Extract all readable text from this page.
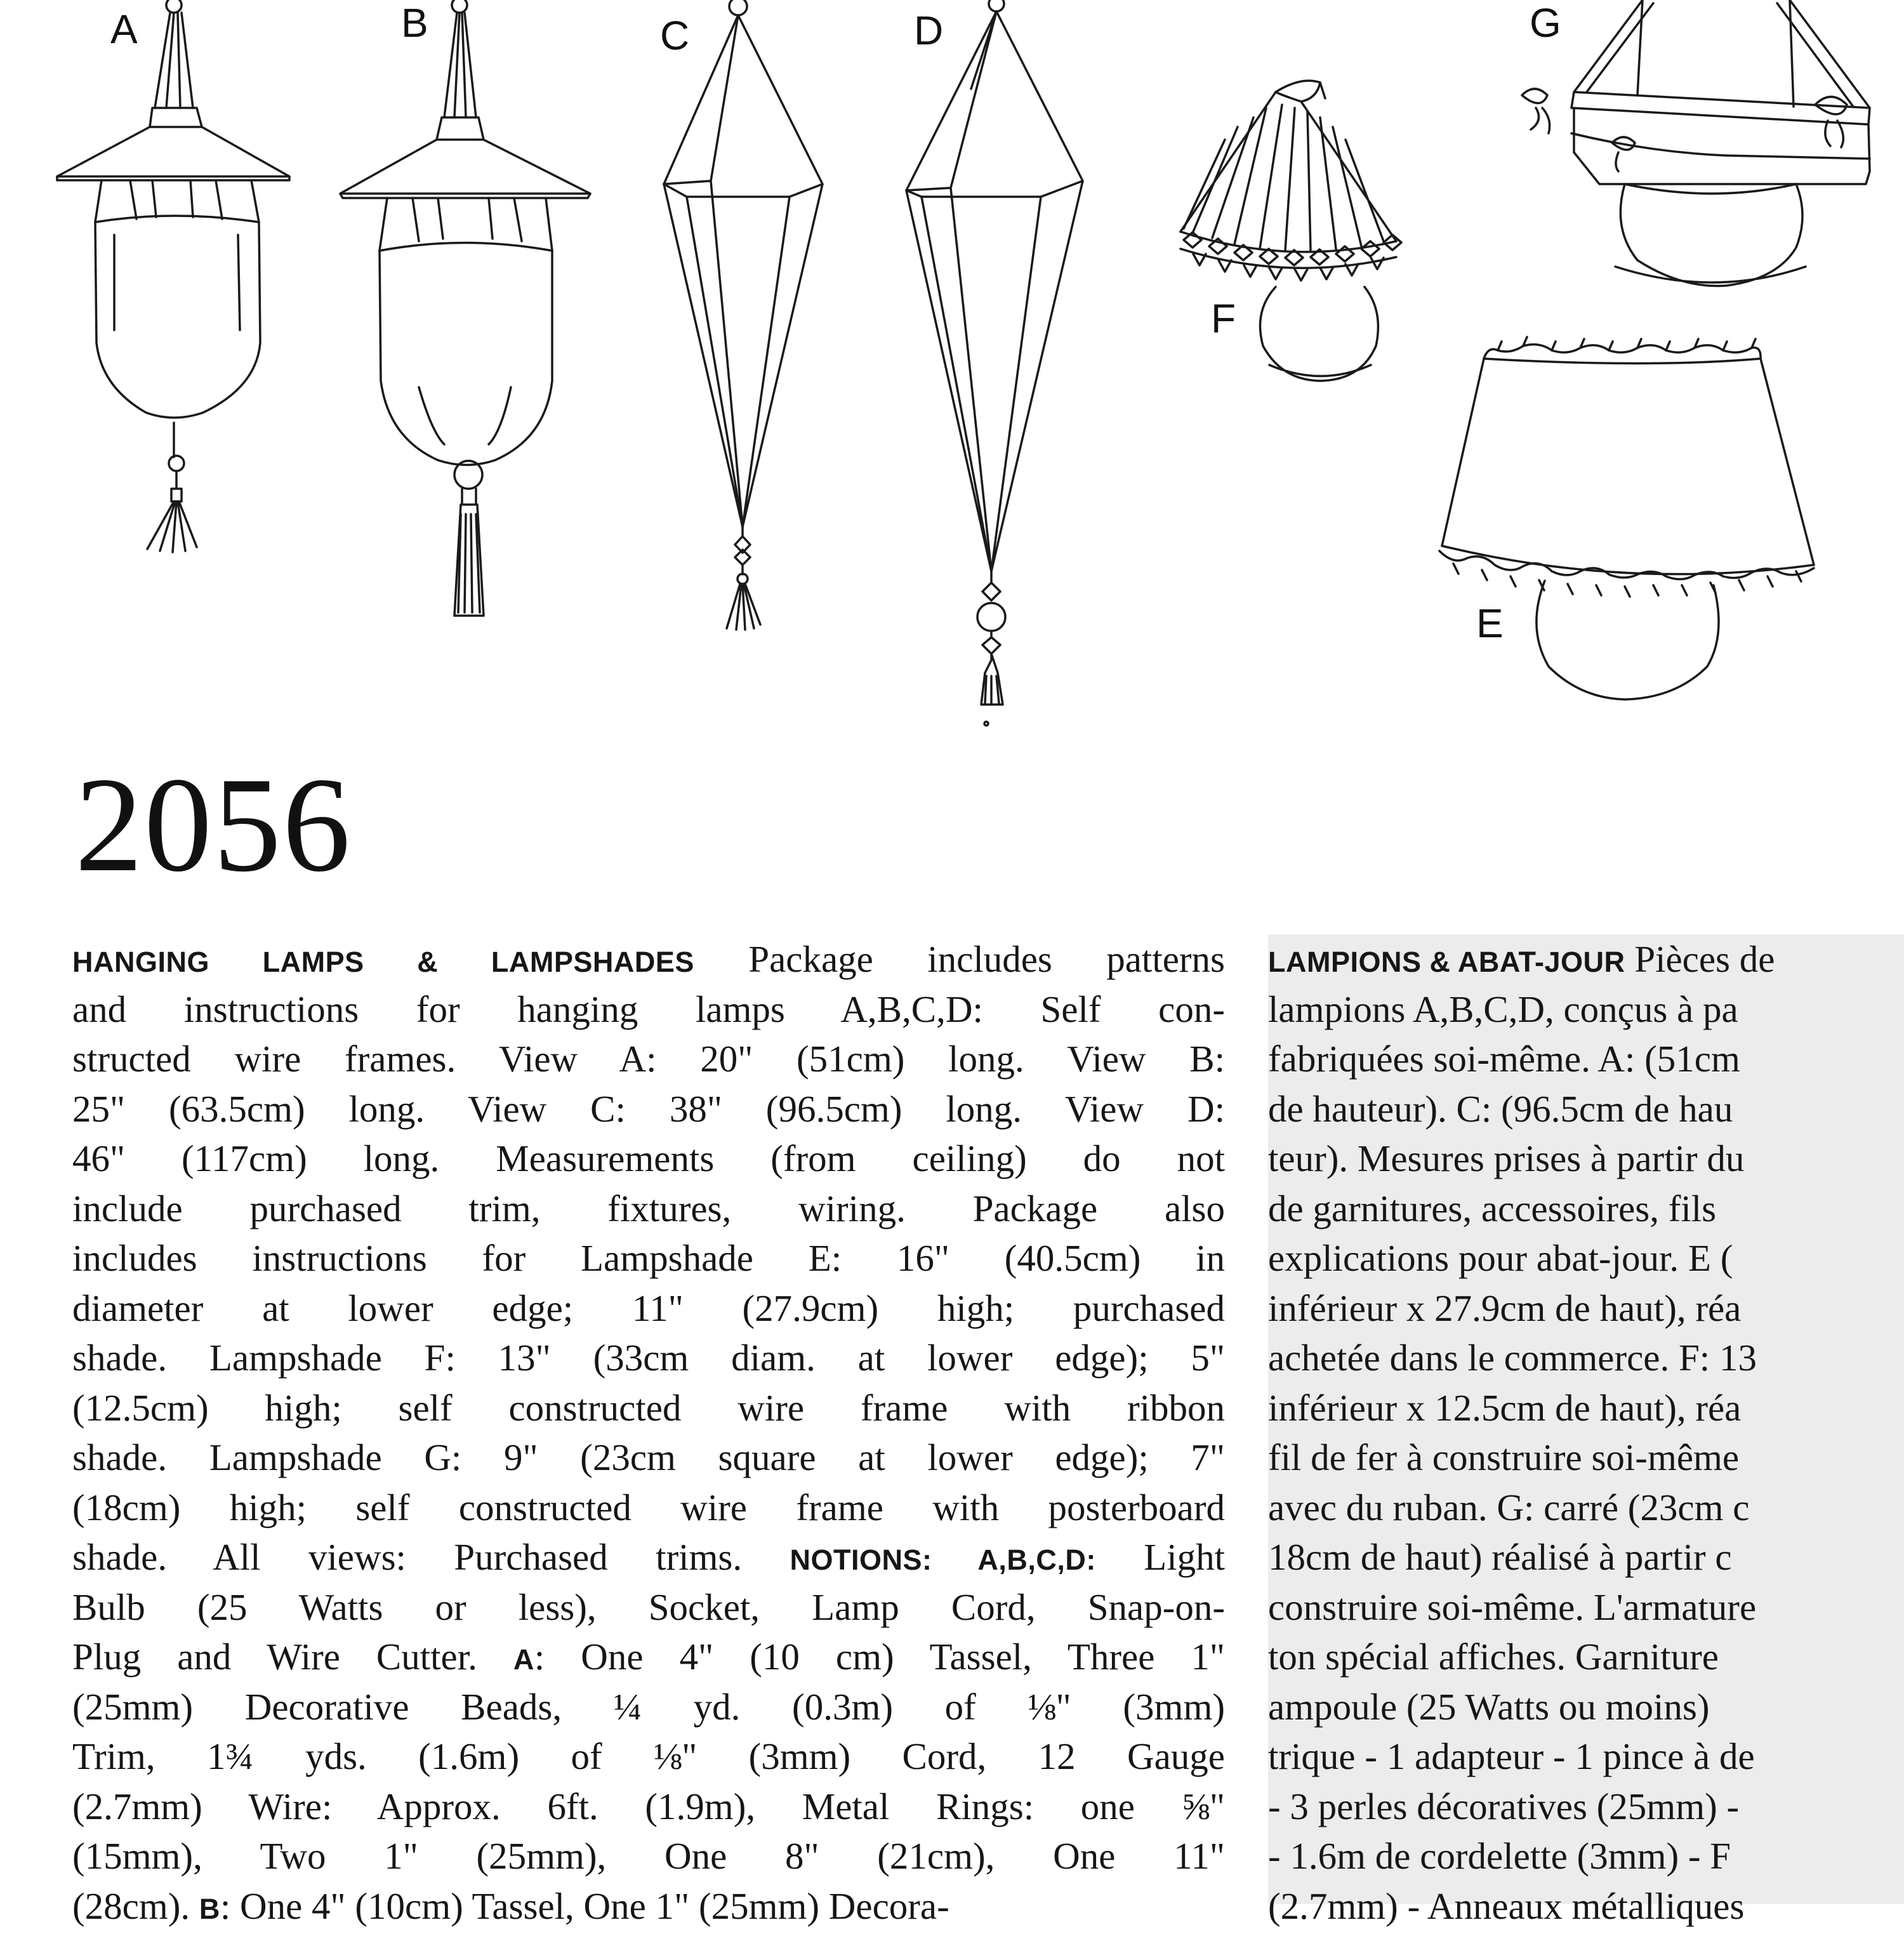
A	B	C	D	G
F
E
2056
HANGING LAMPS & LAMPSHADES Package includes patterns
and instructions for hanging lamps A,B,C,D: Self con-
structed wire frames. View A: 20" (51cm) long. View B:
25" (63.5cm) long. View C: 38" (96.5cm) long. View D:
46" (117cm) long. Measurements (from ceiling) do not
include purchased trim, fixtures, wiring. Package also
includes instructions for Lampshade E: 16" (40.5cm) in
diameter at lower edge; 11" (27.9cm) high; purchased
shade. Lampshade F: 13" (33cm diam. at lower edge); 5"
(12.5cm) high; self constructed wire frame with ribbon
shade. Lampshade G: 9" (23cm square at lower edge); 7"
(18cm) high; self constructed wire frame with posterboard
shade. All views: Purchased trims. NOTIONS: A,B,C,D: Light
Bulb (25 Watts or less), Socket, Lamp Cord, Snap-on-
Plug and Wire Cutter. A: One 4" (10 cm) Tassel, Three 1"
(25mm) Decorative Beads, ¼ yd. (0.3m) of ⅛" (3mm)
Trim, 1¾ yds. (1.6m) of ⅛" (3mm) Cord, 12 Gauge
(2.7mm) Wire: Approx. 6ft. (1.9m), Metal Rings: one ⅝"
(15mm), Two 1" (25mm), One 8" (21cm), One 11"
(28cm). B: One 4" (10cm) Tassel, One 1" (25mm) Decora-
LAMPIONS & ABAT-JOUR Pièces de
lampions A,B,C,D, conçus à pa
fabriquées soi-même. A: (51cm
de hauteur). C: (96.5cm de hau
teur). Mesures prises à partir du
de garnitures, accessoires, fils
explications pour abat-jour. E (
inférieur x 27.9cm de haut), réa
achetée dans le commerce. F: 13
inférieur x 12.5cm de haut), réa
fil de fer à construire soi-même
avec du ruban. G: carré (23cm c
18cm de haut) réalisé à partir c
construire soi-même. L'armature
ton spécial affiches. Garniture
ampoule (25 Watts ou moins)
trique - 1 adapteur - 1 pince à de
- 3 perles décoratives (25mm) -
- 1.6m de cordelette (3mm) - F
(2.7mm) - Anneaux métalliques
